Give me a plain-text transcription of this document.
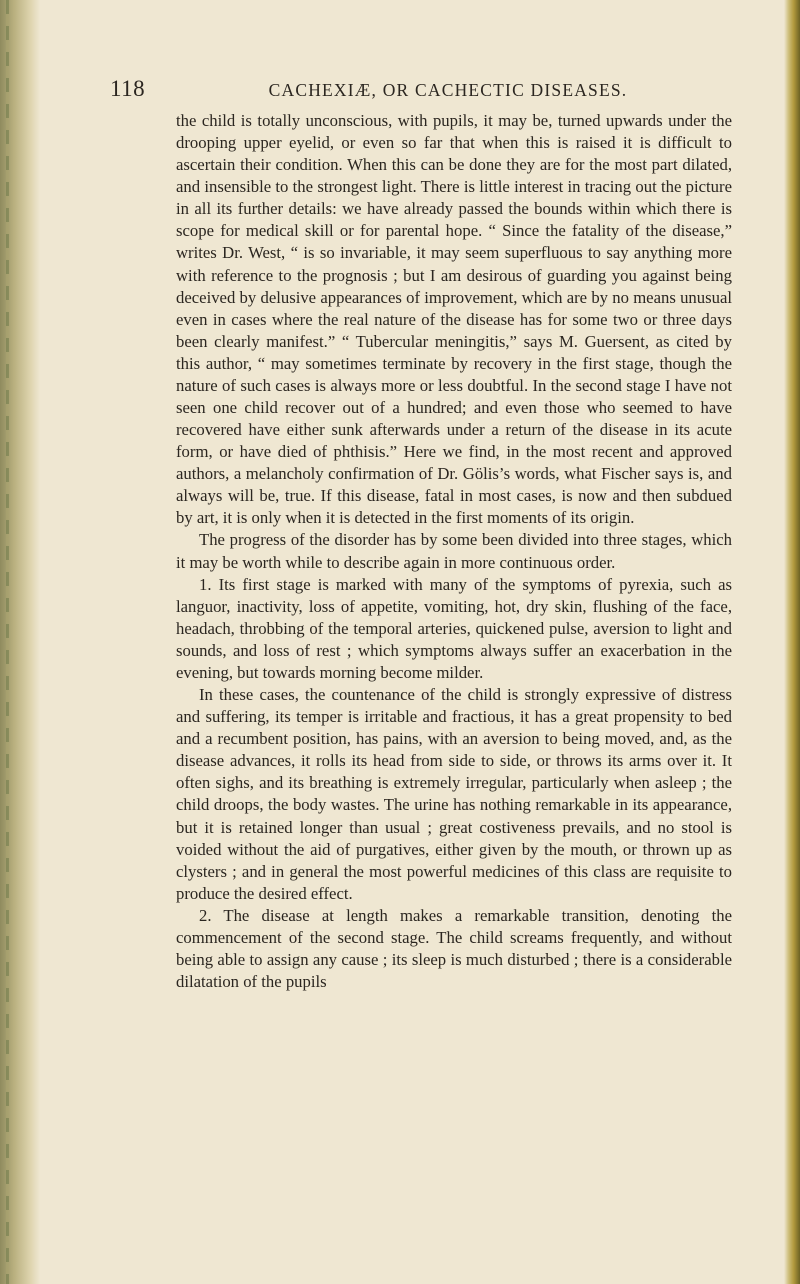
118	CACHEXIÆ, OR CACHECTIC DISEASES.

the child is totally unconscious, with pupils, it may be, turned upwards under the drooping upper eyelid, or even so far that when this is raised it is difficult to ascertain their condition. When this can be done they are for the most part dilated, and insensible to the strongest light. There is little interest in tracing out the picture in all its further details: we have already passed the bounds within which there is scope for medical skill or for parental hope. “ Since the fatality of the disease,” writes Dr. West, “ is so invariable, it may seem superfluous to say anything more with reference to the prognosis ; but I am desirous of guarding you against being deceived by delusive appearances of improvement, which are by no means unusual even in cases where the real nature of the disease has for some two or three days been clearly manifest.” “ Tubercular meningitis,” says M. Guersent, as cited by this author, “ may sometimes terminate by recovery in the first stage, though the nature of such cases is always more or less doubtful. In the second stage I have not seen one child recover out of a hundred; and even those who seemed to have recovered have either sunk afterwards under a return of the disease in its acute form, or have died of phthisis.” Here we find, in the most recent and approved authors, a melancholy confirmation of Dr. Gölis’s words, what Fischer says is, and always will be, true. If this disease, fatal in most cases, is now and then subdued by art, it is only when it is detected in the first moments of its origin.

The progress of the disorder has by some been divided into three stages, which it may be worth while to describe again in more continuous order.

1. Its first stage is marked with many of the symptoms of pyrexia, such as languor, inactivity, loss of appetite, vomiting, hot, dry skin, flushing of the face, headach, throbbing of the temporal arteries, quickened pulse, aversion to light and sounds, and loss of rest ; which symptoms always suffer an exacerbation in the evening, but towards morning become milder.

In these cases, the countenance of the child is strongly expressive of distress and suffering, its temper is irritable and fractious, it has a great propensity to bed and a recumbent position, has pains, with an aversion to being moved, and, as the disease advances, it rolls its head from side to side, or throws its arms over it. It often sighs, and its breathing is extremely irregular, particularly when asleep ; the child droops, the body wastes. The urine has nothing remarkable in its appearance, but it is retained longer than usual ; great costiveness prevails, and no stool is voided without the aid of purgatives, either given by the mouth, or thrown up as clysters ; and in general the most powerful medicines of this class are requisite to produce the desired effect.

2. The disease at length makes a remarkable transition, denoting the commencement of the second stage. The child screams frequently, and without being able to assign any cause ; its sleep is much disturbed ; there is a considerable dilatation of the pupils
